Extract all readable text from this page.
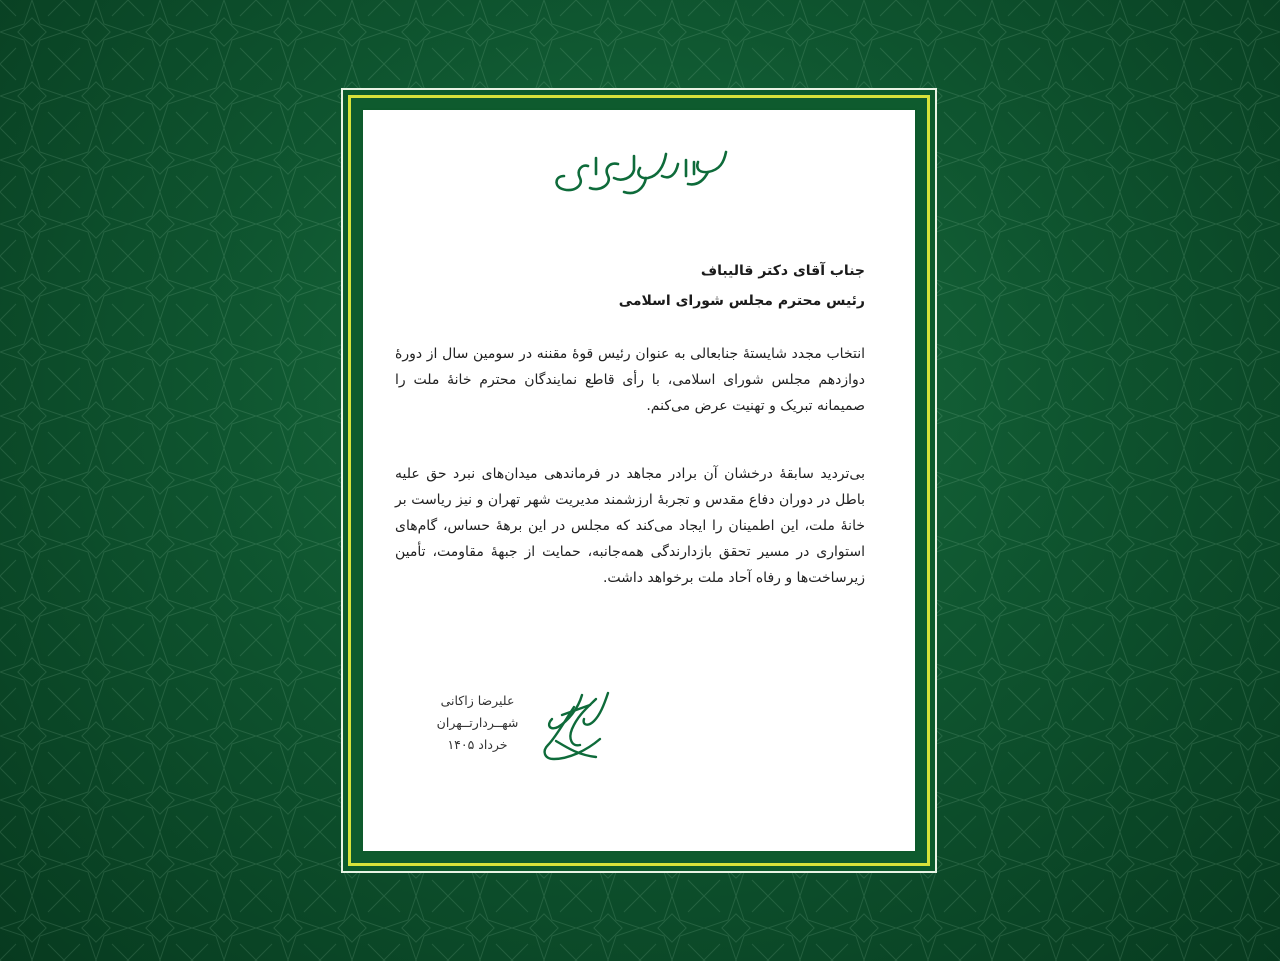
جناب آقای دکتر قالیباف
رئیس محترم مجلس شورای اسلامی
انتخاب مجدد شایستهٔ جنابعالی به عنوان رئیس قوهٔ مقننه در سومین سال از دورهٔ دوازدهم مجلس شورای اسلامی، با رأی قاطع نمایندگان محترم خانهٔ ملت را صمیمانه تبریک و تهنیت عرض می‌کنم.
بی‌تردید سابقهٔ درخشان آن برادر مجاهد در فرماندهی میدان‌های نبرد حق علیه باطل در دوران دفاع مقدس و تجربهٔ ارزشمند مدیریت شهر تهران و نیز ریاست بر خانهٔ ملت، این اطمینان را ایجاد می‌کند که مجلس در این برههٔ حساس، گام‌های استواری در مسیر تحقق بازدارندگی همه‌جانبه، حمایت از جبههٔ مقاومت، تأمین زیرساخت‌ها و رفاه آحاد ملت برخواهد داشت.
علیرضا زاکانی
شهــردارتــهران
خرداد ۱۴۰۵
